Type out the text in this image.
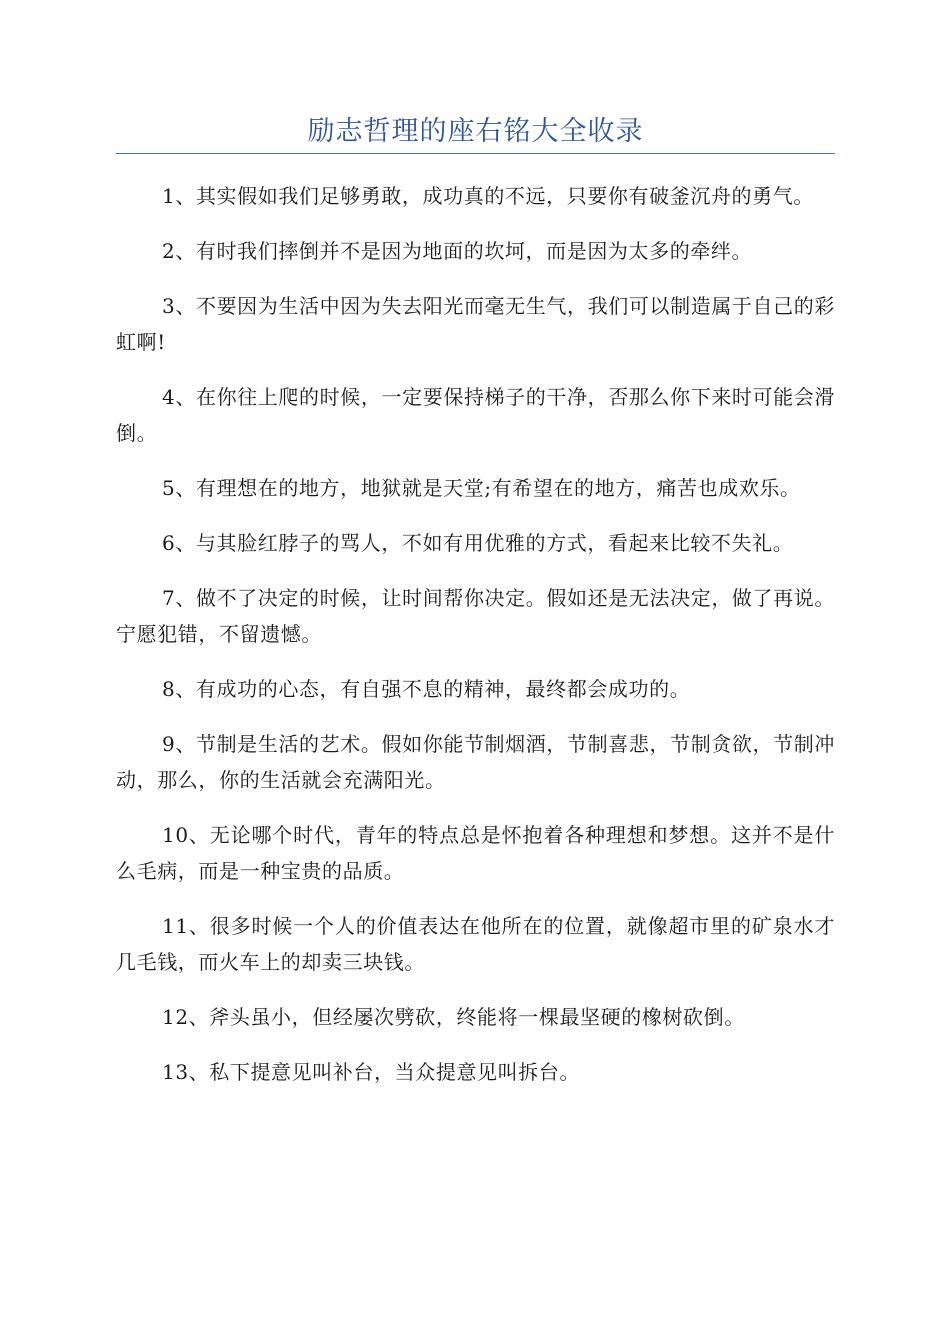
励志哲理的座右铭大全收录

1、其实假如我们足够勇敢，成功真的不远，只要你有破釜沉舟的勇气。

2、有时我们摔倒并不是因为地面的坎坷，而是因为太多的牵绊。

3、不要因为生活中因为失去阳光而毫无生气，我们可以制造属于自己的彩虹啊!

4、在你往上爬的时候，一定要保持梯子的干净，否那么你下来时可能会滑倒。

5、有理想在的地方，地狱就是天堂;有希望在的地方，痛苦也成欢乐。

6、与其脸红脖子的骂人，不如有用优雅的方式，看起来比较不失礼。

7、做不了决定的时候，让时间帮你决定。假如还是无法决定，做了再说。宁愿犯错，不留遗憾。

8、有成功的心态，有自强不息的精神，最终都会成功的。

9、节制是生活的艺术。假如你能节制烟酒，节制喜悲，节制贪欲，节制冲动，那么，你的生活就会充满阳光。

10、无论哪个时代，青年的特点总是怀抱着各种理想和梦想。这并不是什么毛病，而是一种宝贵的品质。

11、很多时候一个人的价值表达在他所在的位置，就像超市里的矿泉水才几毛钱，而火车上的却卖三块钱。

12、斧头虽小，但经屡次劈砍，终能将一棵最坚硬的橡树砍倒。

13、私下提意见叫补台，当众提意见叫拆台。
